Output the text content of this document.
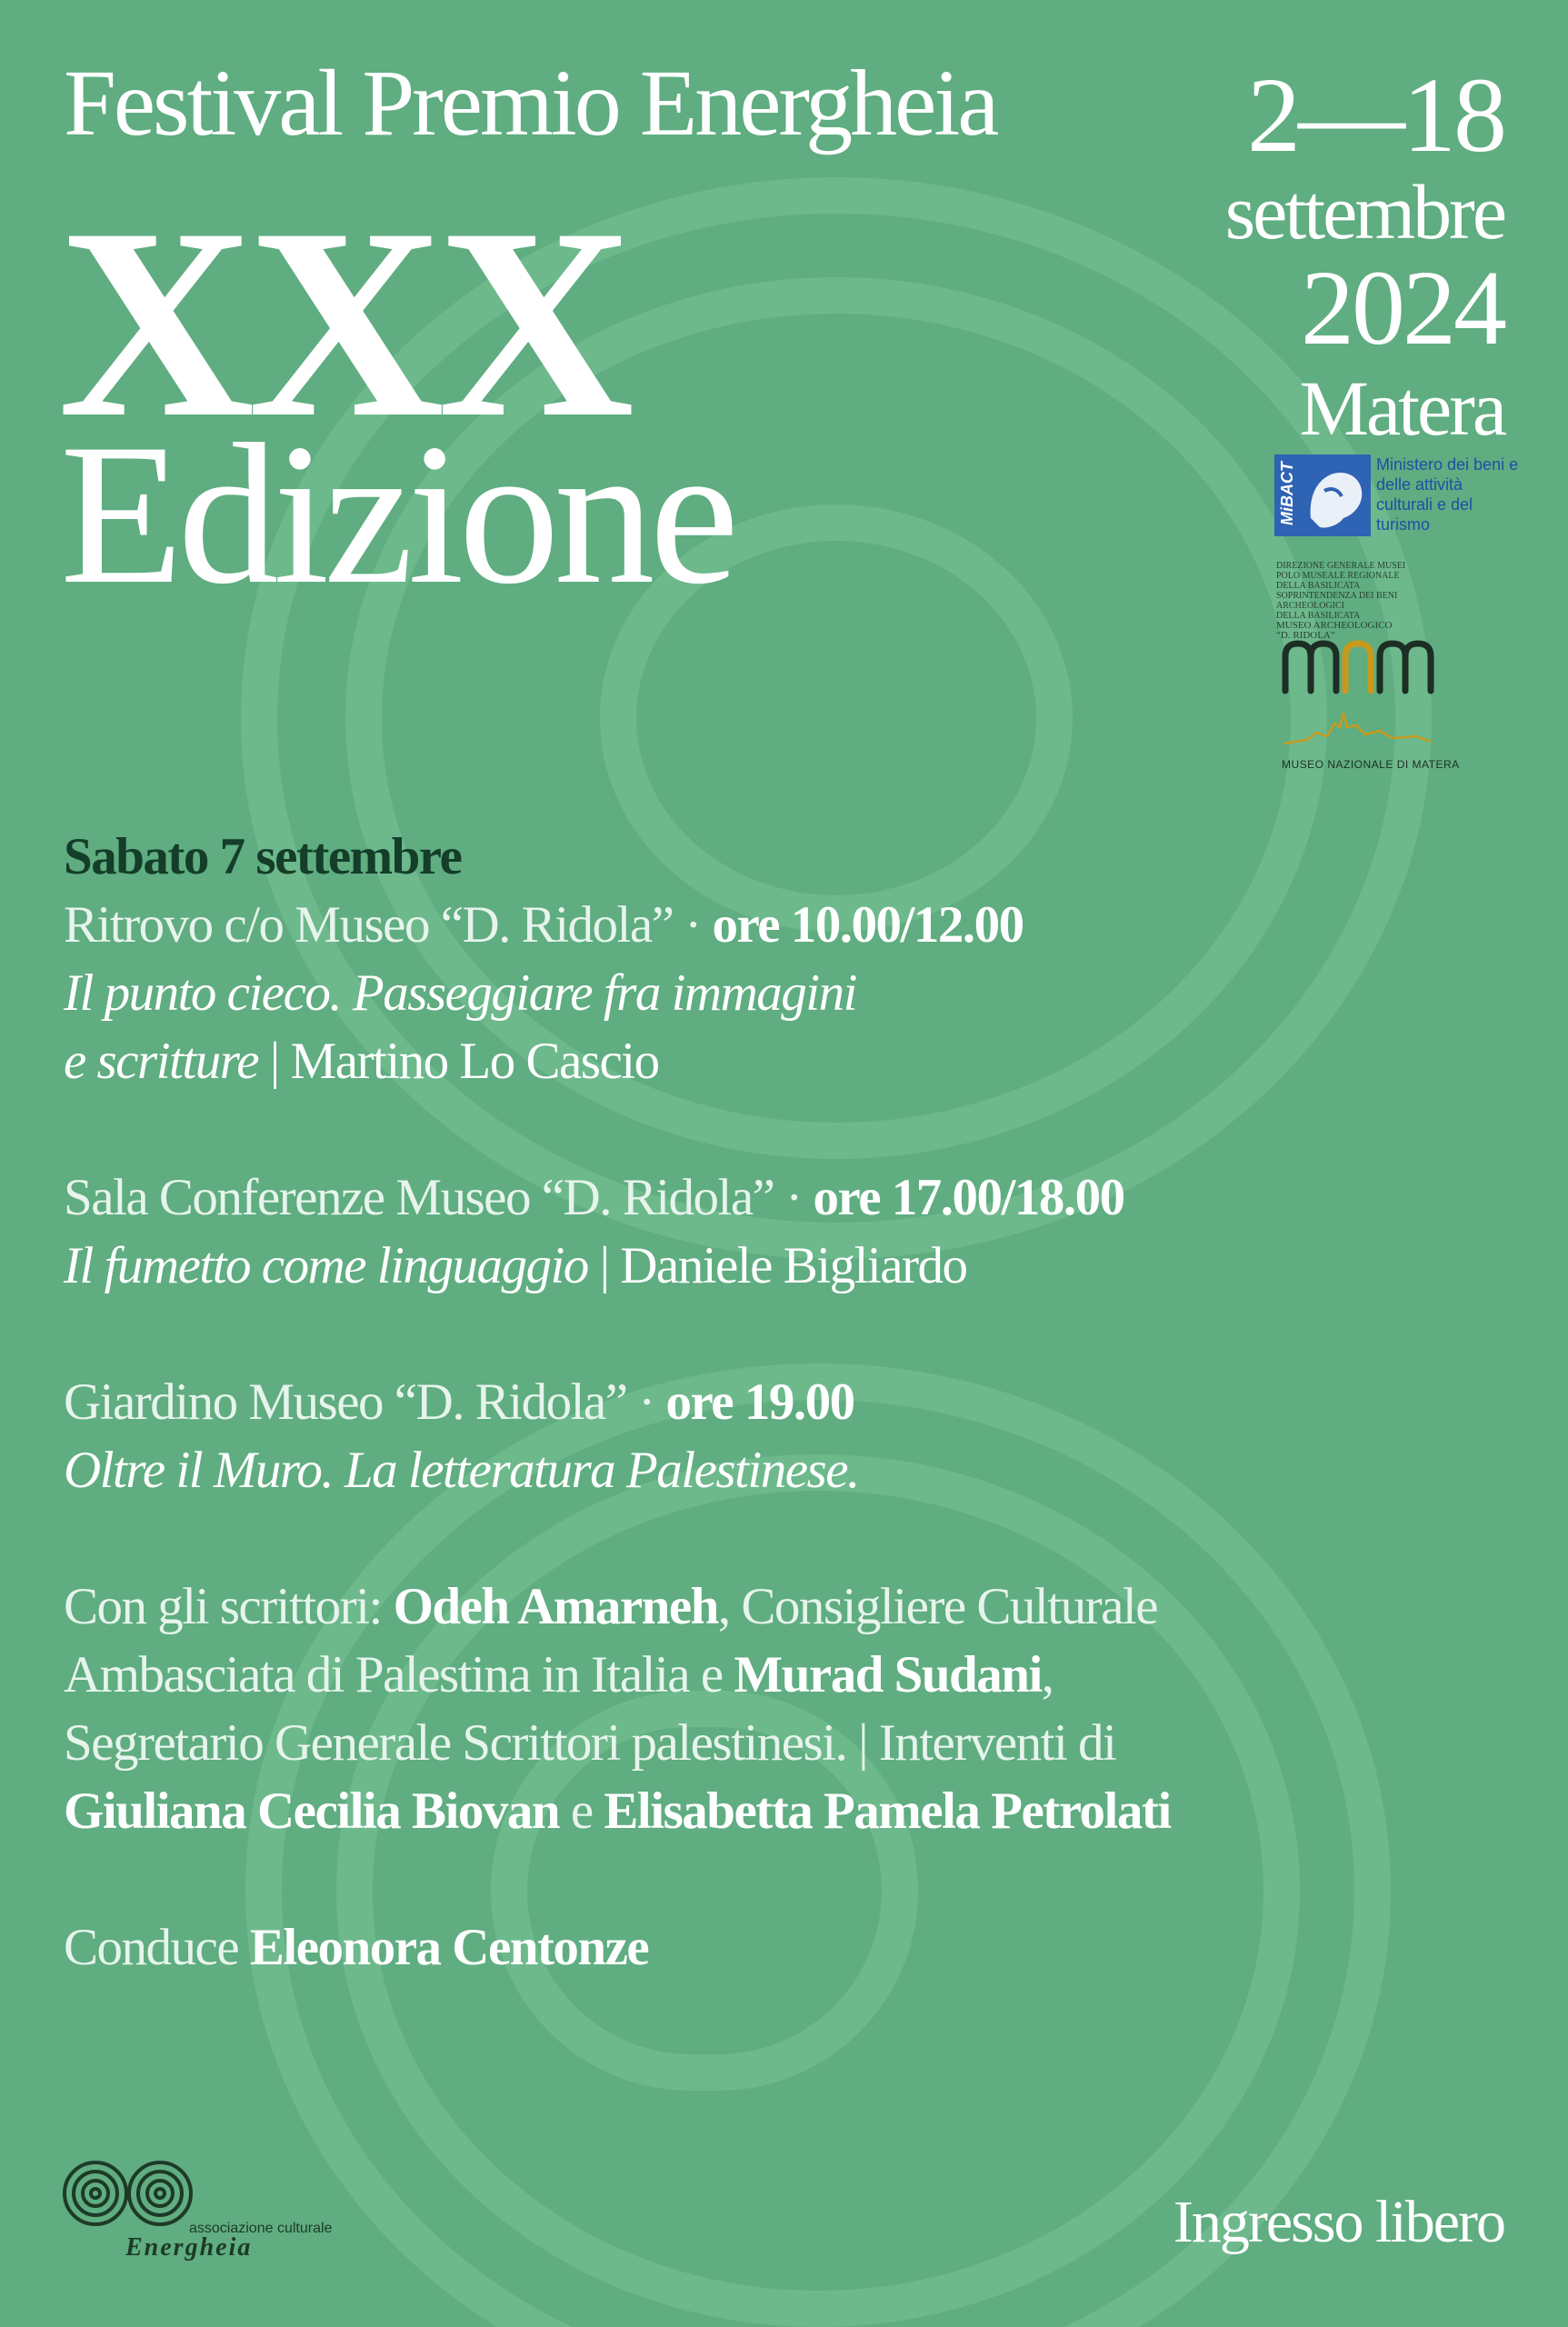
Festival Premio Energheia
XXX
Edizione
2—18
settembre
2024
Matera
MiBACT	Ministero dei beni e delle attività culturali e del turismo
DIREZIONE GENERALE MUSEI
POLO MUSEALE REGIONALE
DELLA BASILICATA
SOPRINTENDENZA DEI BENI ARCHEOLOGICI
DELLA BASILICATA
MUSEO ARCHEOLOGICO
“D. RIDOLA”
MUSEO NAZIONALE DI MATERA

Sabato 7 settembre

Ritrovo c/o Museo “D. Ridola” · ore 10.00/12.00

Il punto cieco. Passeggiare fra immagini

e scritture | Martino Lo Cascio

Sala Conferenze Museo “D. Ridola” · ore 17.00/18.00

Il fumetto come linguaggio | Daniele Bigliardo

Giardino Museo “D. Ridola” · ore 19.00

Oltre il Muro. La letteratura Palestinese.

Con gli scrittori: Odeh Amarneh, Consigliere Culturale

Ambasciata di Palestina in Italia e Murad Sudani,

Segretario Generale Scrittori palestinesi. | Interventi di

Giuliana Cecilia Biovan e Elisabetta Pamela Petrolati

Conduce Eleonora Centonze

associazione culturale
Energheia	Ingresso libero
